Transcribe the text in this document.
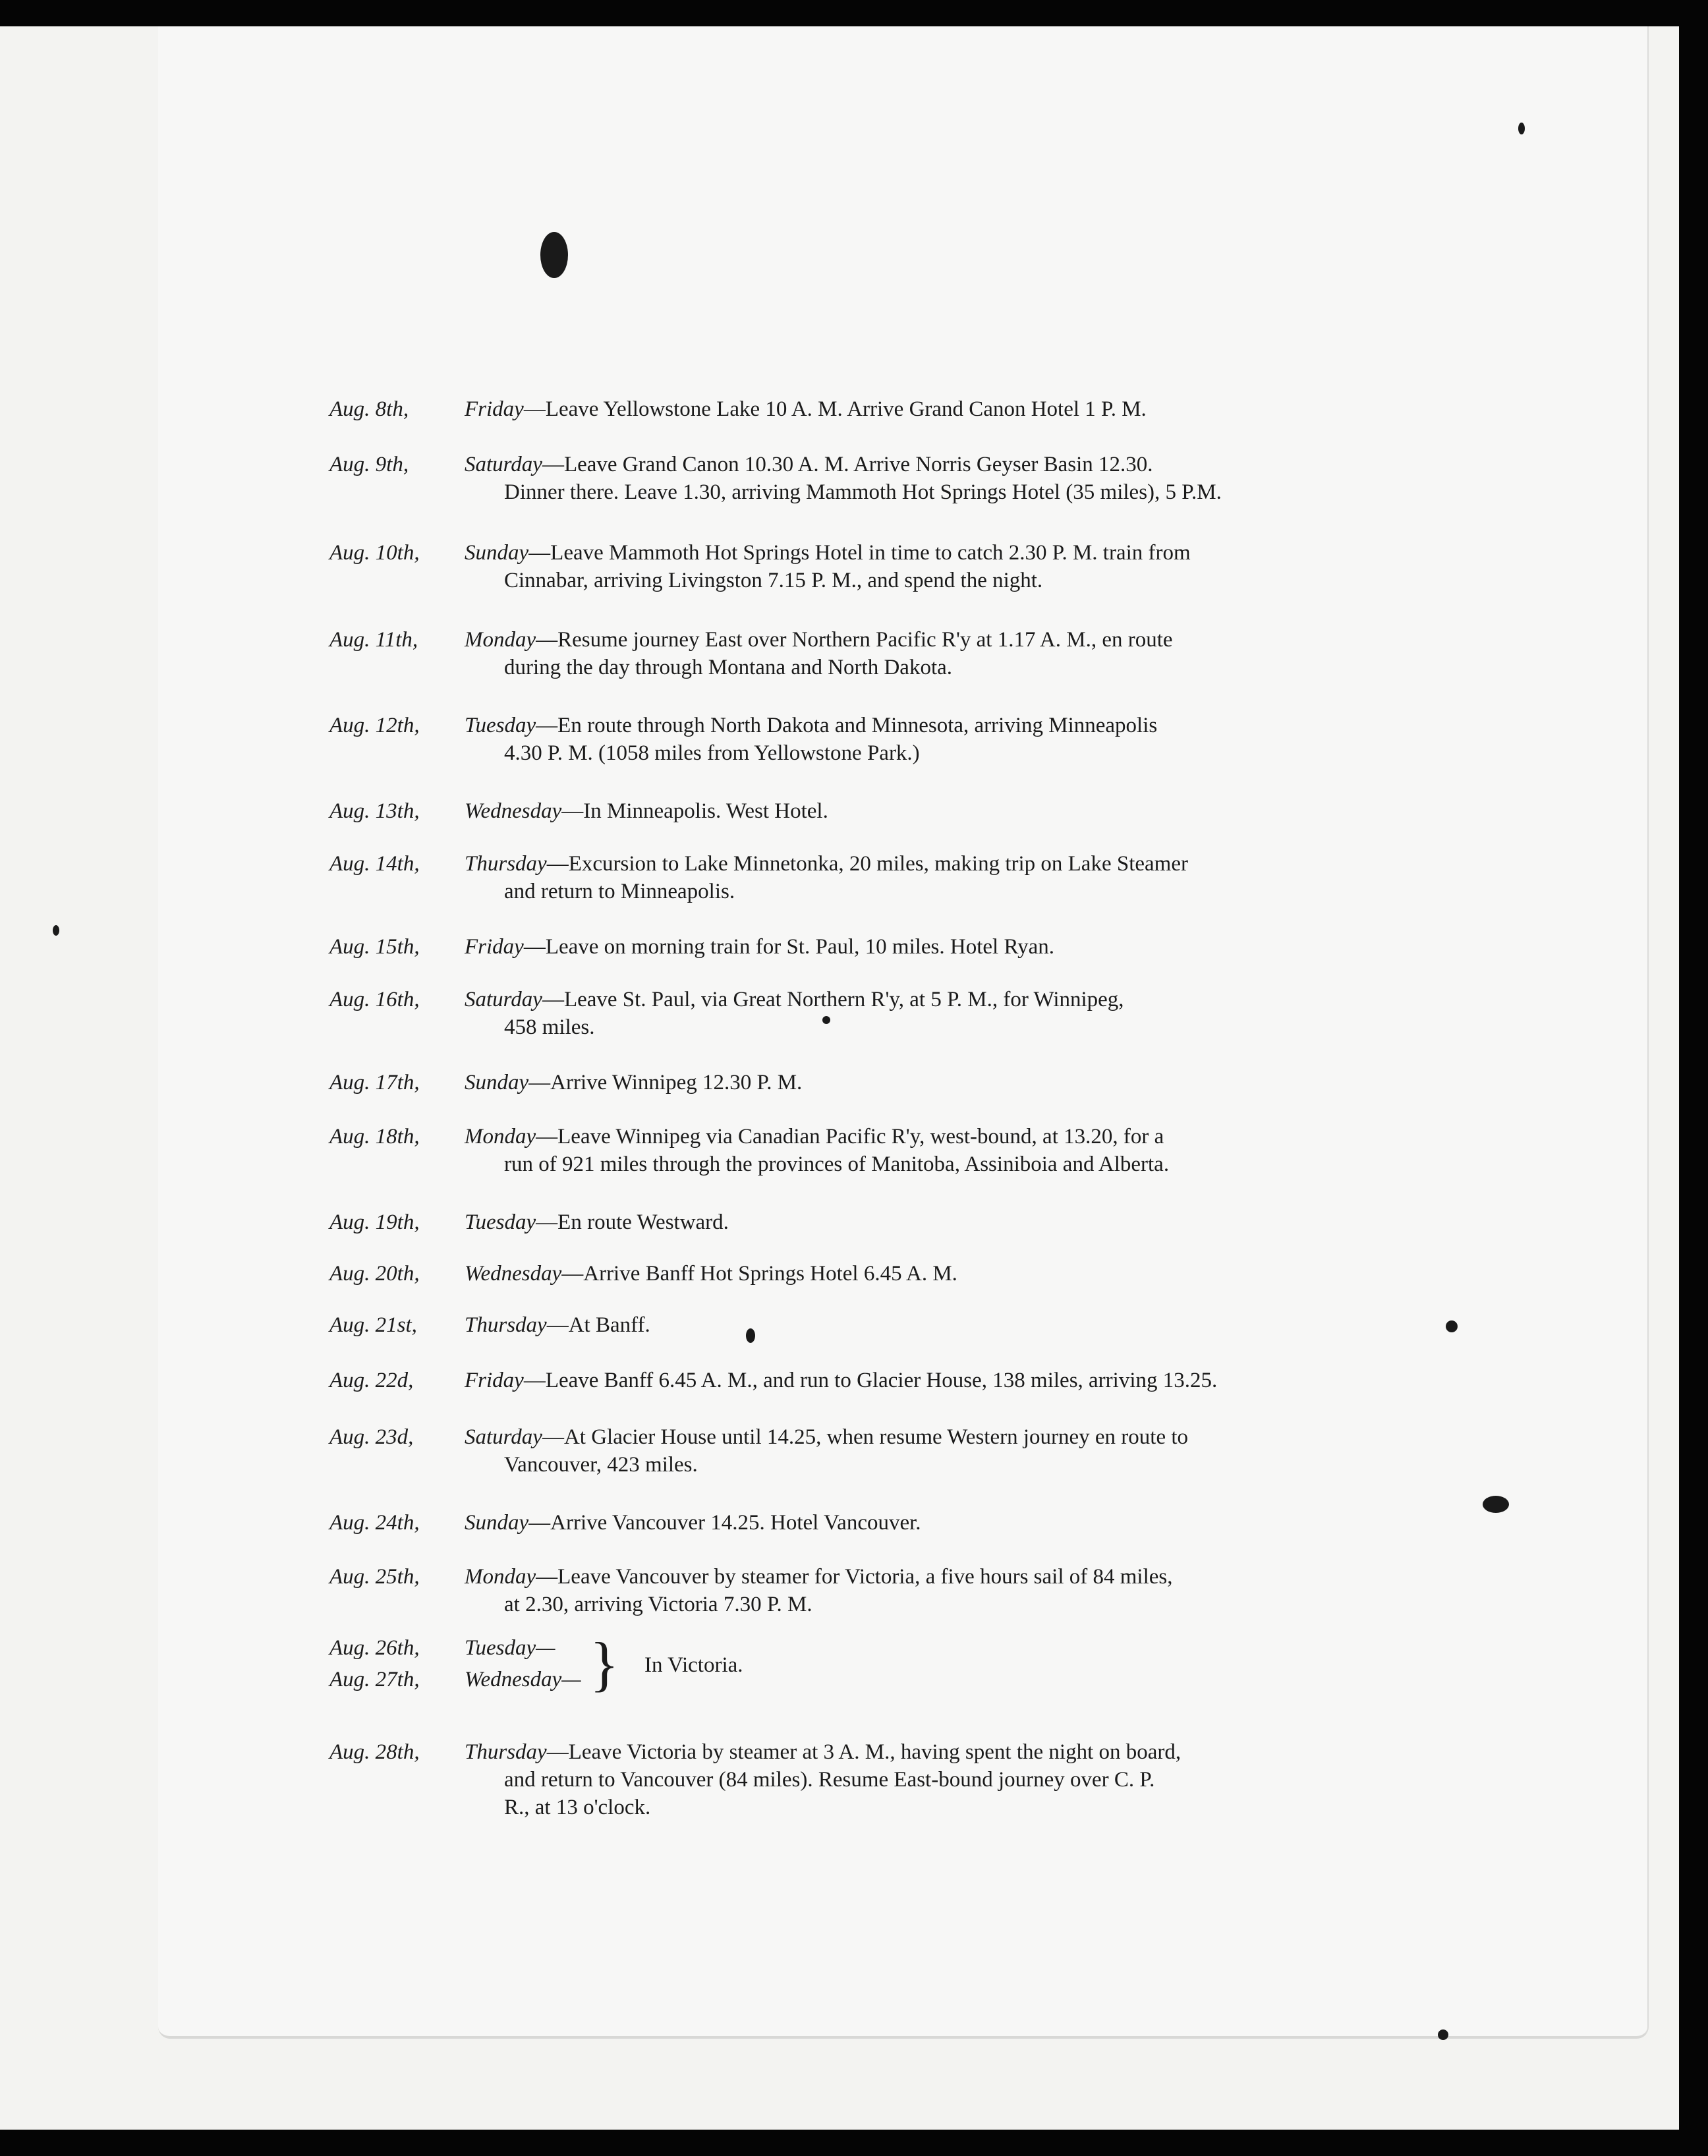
Aug. 8th,	Friday—Leave Yellowstone Lake 10 A. M. Arrive Grand Canon Hotel 1 P. M.
Aug. 9th,	Saturday—Leave Grand Canon 10.30 A. M. Arrive Norris Geyser Basin 12.30.
Dinner there. Leave 1.30, arriving Mammoth Hot Springs Hotel (35 miles), 5 P.M.
Aug. 10th,	Sunday—Leave Mammoth Hot Springs Hotel in time to catch 2.30 P. M. train from
Cinnabar, arriving Livingston 7.15 P. M., and spend the night.
Aug. 11th,	Monday—Resume journey East over Northern Pacific R'y at 1.17 A. M., en route
during the day through Montana and North Dakota.
Aug. 12th,	Tuesday—En route through North Dakota and Minnesota, arriving Minneapolis
4.30 P. M. (1058 miles from Yellowstone Park.)
Aug. 13th,	Wednesday—In Minneapolis. West Hotel.
Aug. 14th,	Thursday—Excursion to Lake Minnetonka, 20 miles, making trip on Lake Steamer
and return to Minneapolis.
Aug. 15th,	Friday—Leave on morning train for St. Paul, 10 miles. Hotel Ryan.
Aug. 16th,	Saturday—Leave St. Paul, via Great Northern R'y, at 5 P. M., for Winnipeg,
458 miles.
Aug. 17th,	Sunday—Arrive Winnipeg 12.30 P. M.
Aug. 18th,	Monday—Leave Winnipeg via Canadian Pacific R'y, west-bound, at 13.20, for a
run of 921 miles through the provinces of Manitoba, Assiniboia and Alberta.
Aug. 19th,	Tuesday—En route Westward.
Aug. 20th,	Wednesday—Arrive Banff Hot Springs Hotel 6.45 A. M.
Aug. 21st,	Thursday—At Banff.
Aug. 22d,	Friday—Leave Banff 6.45 A. M., and run to Glacier House, 138 miles, arriving 13.25.
Aug. 23d,	Saturday—At Glacier House until 14.25, when resume Western journey en route to
Vancouver, 423 miles.
Aug. 24th,	Sunday—Arrive Vancouver 14.25. Hotel Vancouver.
Aug. 25th,	Monday—Leave Vancouver by steamer for Victoria, a five hours sail of 84 miles,
at 2.30, arriving Victoria 7.30 P. M.
Aug. 26th,	Tuesday—
Aug. 27th,	Wednesday— } In Victoria.
Aug. 28th,	Thursday—Leave Victoria by steamer at 3 A. M., having spent the night on board,
and return to Vancouver (84 miles). Resume East-bound journey over C. P.
R., at 13 o'clock.
